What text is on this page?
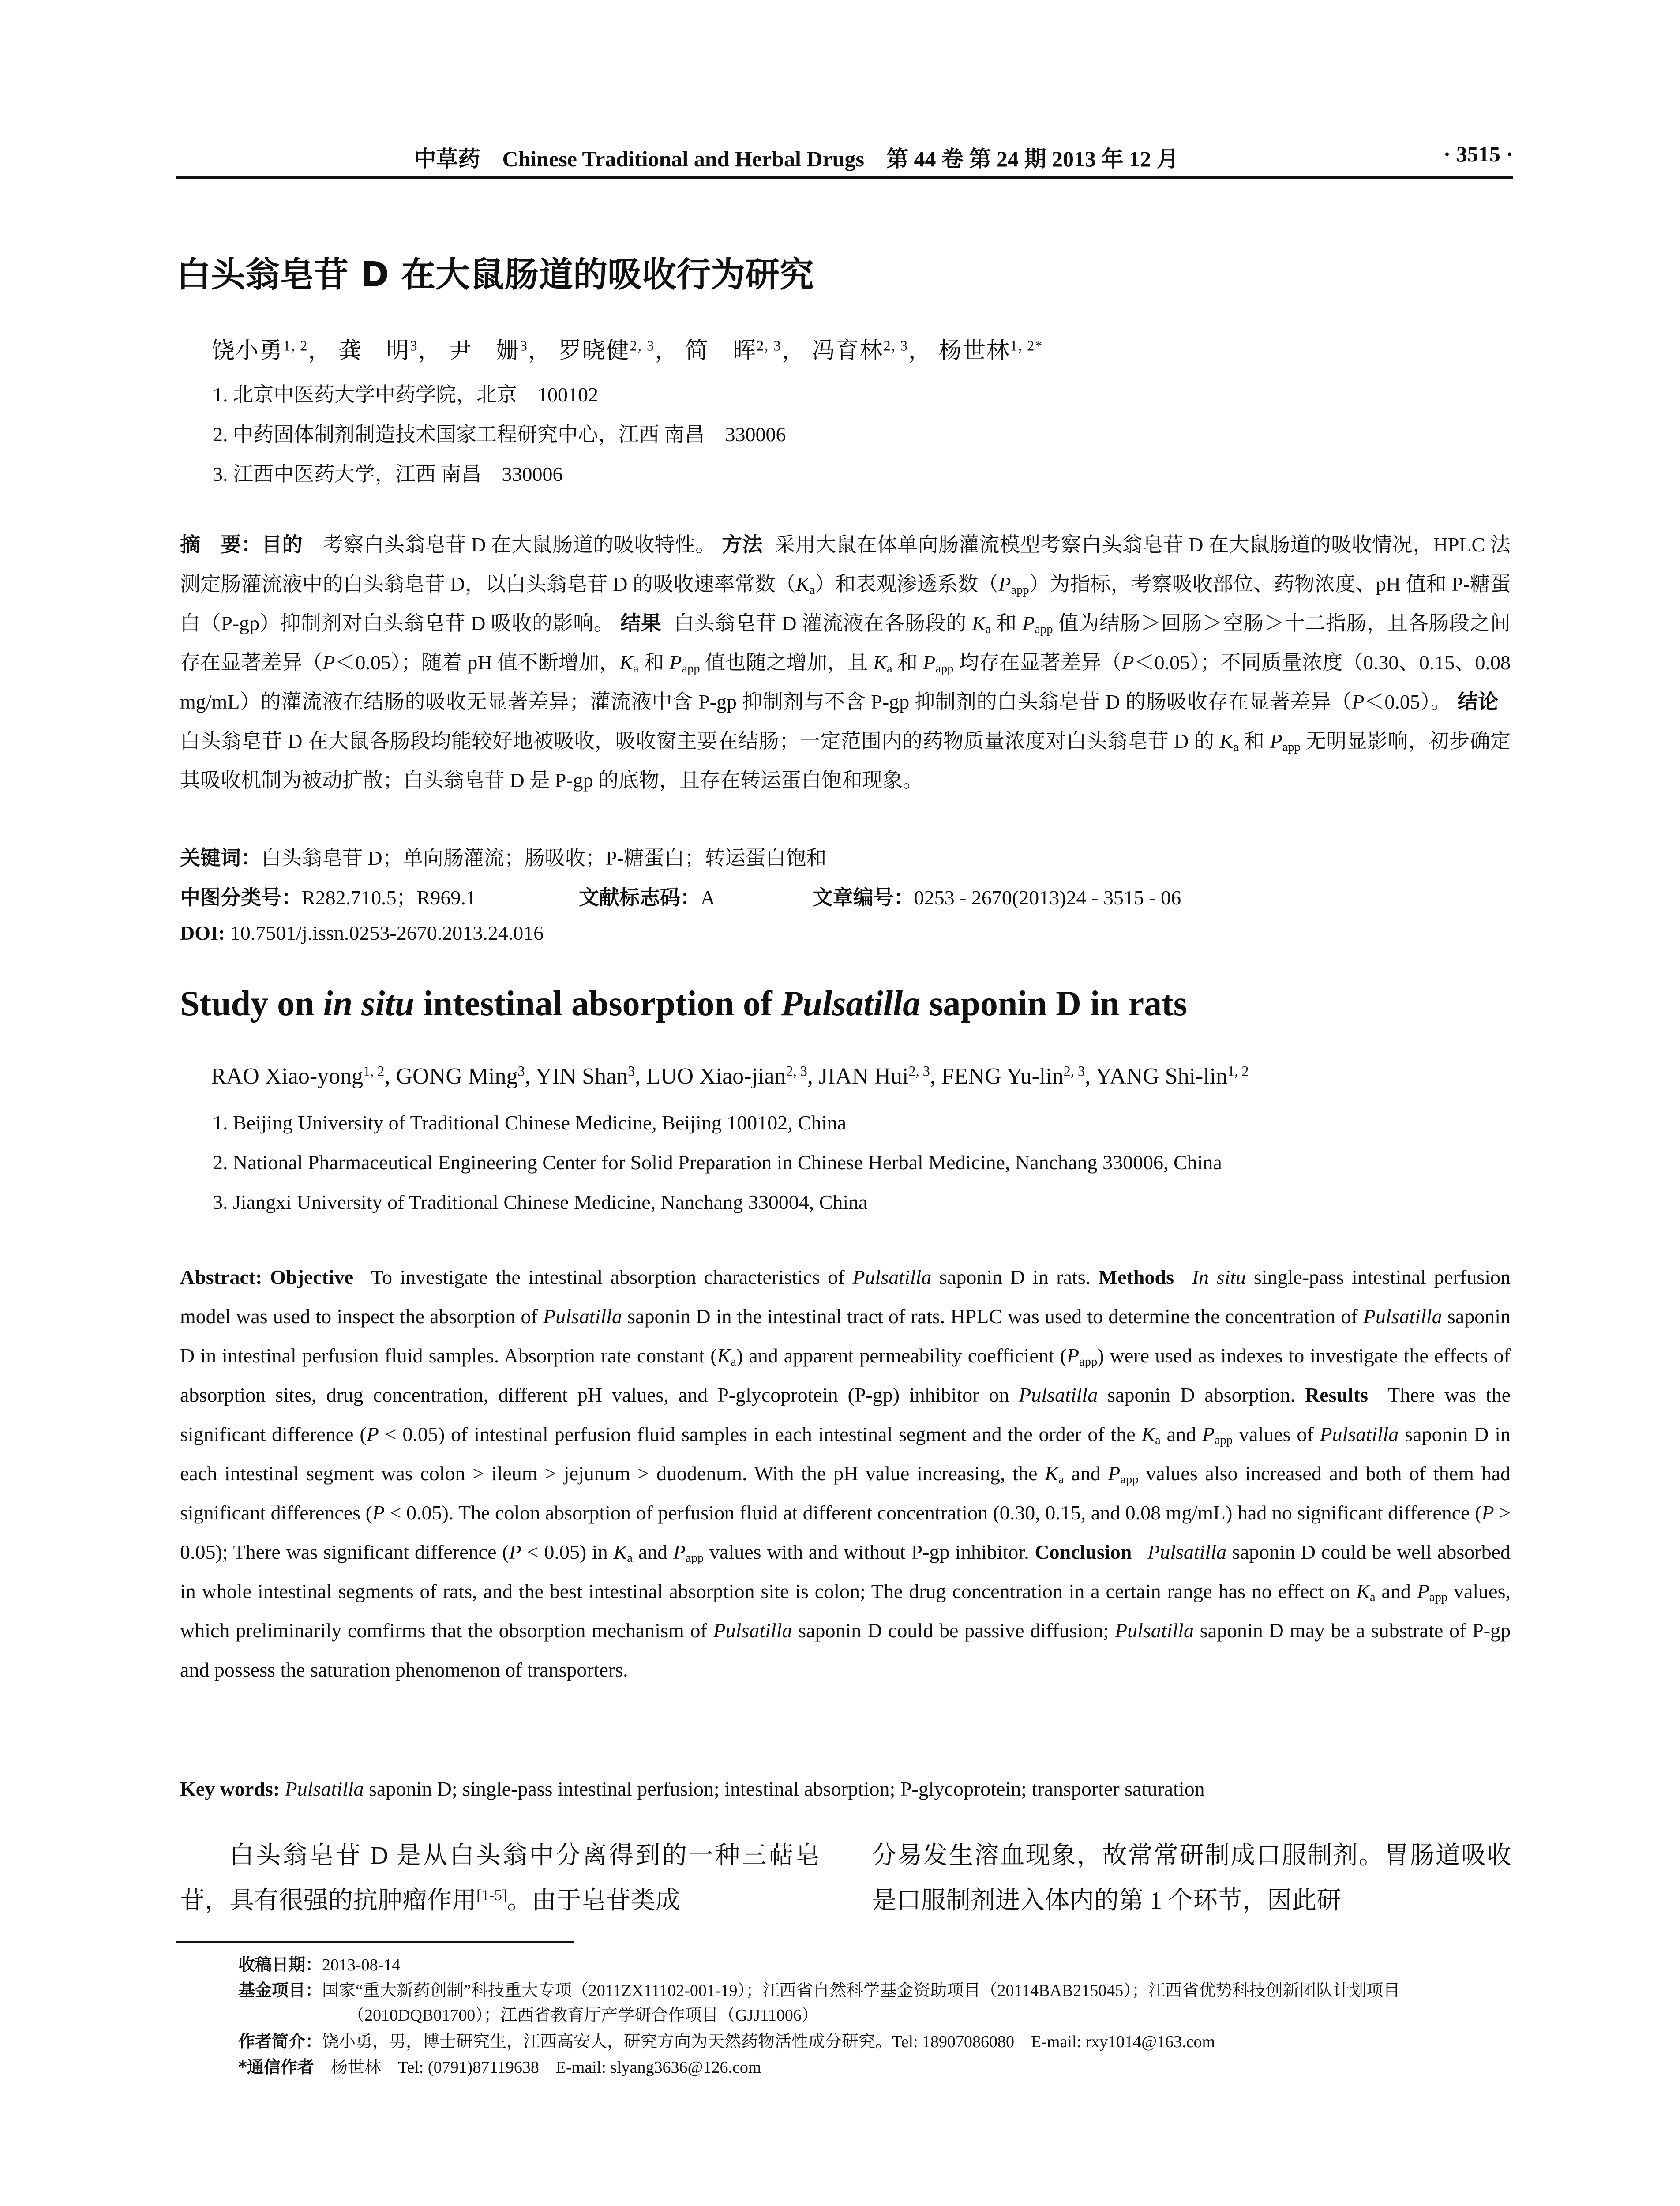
中草药　Chinese Traditional and Herbal Drugs　第 44 卷 第 24 期 2013 年 12 月	· 3515 ·
白头翁皂苷 D 在大鼠肠道的吸收行为研究
饶小勇$^{1, 2}$， 龚　明$^3$， 尹　姗$^3$， 罗晓健$^{2, 3}$， 简　晖$^{2, 3}$， 冯育林$^{2, 3}$， 杨世林$^{1, 2*}$
1. 北京中医药大学中药学院，北京　100102
2. 中药固体制剂制造技术国家工程研究中心，江西 南昌　330006
3. 江西中医药大学，江西 南昌　330006
摘　要：目的　 考察白头翁皂苷 D 在大鼠肠道的吸收特性。 方法 采用大鼠在体单向肠灌流模型考察白头翁皂苷 D 在大鼠肠道的吸收情况，HPLC 法测定肠灌流液中的白头翁皂苷 D，以白头翁皂苷 D 的吸收速率常数$(K_a)$和表观渗透系数$(P_{app})$为指标，考察吸收部位、药物浓度、pH 值和 P-糖蛋白（P-gp）抑制剂对白头翁皂苷 D 吸收的影响。 结果 白头翁皂苷 D 灌流液在各肠段的 $K_a$ 和 $P_{app}$ 值为结肠＞回肠＞空肠＞十二指肠，且各肠段之间存在显著差异（P＜0.05）；随着 pH 值不断增加，$K_a$ 和 $P_{app}$ 值也随之增加，且 $K_a$ 和 $P_{app}$ 均存在显著差异（P＜0.05）；不同质量浓度（0.30、0.15、0.08 mg/mL）的灌流液在结肠的吸收无显著差异；灌流液中含 P-gp 抑制剂与不含 P-gp 抑制剂的白头翁皂苷 D 的肠吸收存在显著差异（P＜0.05）。 结论白头翁皂苷 D 在大鼠各肠段均能较好地被吸收，吸收窗主要在结肠；一定范围内的药物质量浓度对白头翁皂苷 D 的 $K_a$ 和 $P_{app}$ 无明显影响，初步确定其吸收机制为被动扩散；白头翁皂苷 D 是 P-gp 的底物，且存在转运蛋白饱和现象。
关键词：白头翁皂苷 D；单向肠灌流；肠吸收；P-糖蛋白；转运蛋白饱和
中图分类号：R282.710.5；R969.1	文献标志码：A	文章编号：0253 - 2670(2013)24 - 3515 - 06
DOI: 10.7501/j.issn.0253-2670.2013.24.016
Study on in situ intestinal absorption of Pulsatilla saponin D in rats
RAO Xiao-yong$^{1, 2}$, GONG Ming$^3$, YIN Shan$^3$, LUO Xiao-jian$^{2, 3}$, JIAN Hui$^{2, 3}$, FENG Yu-lin$^{2, 3}$, YANG Shi-lin$^{1, 2}$
1. Beijing University of Traditional Chinese Medicine, Beijing 100102, China
2. National Pharmaceutical Engineering Center for Solid Preparation in Chinese Herbal Medicine, Nanchang 330006, China
3. Jiangxi University of Traditional Chinese Medicine, Nanchang 330004, China
Abstract: Objective To investigate the intestinal absorption characteristics of Pulsatilla saponin D in rats. Methods In situ single-pass intestinal perfusion model was used to inspect the absorption of Pulsatilla saponin D in the intestinal tract of rats. HPLC was used to determine the concentration of Pulsatilla saponin D in intestinal perfusion fluid samples. Absorption rate constant $(K_a)$ and apparent permeability coefficient $(P_{app})$ were used as indexes to investigate the effects of absorption sites, drug concentration, different pH values, and P-glycoprotein (P-gp) inhibitor on Pulsatilla saponin D absorption. Results There was the significant difference (P < 0.05) of intestinal perfusion fluid samples in each intestinal segment and the order of the $K_a$ and $P_{app}$ values of Pulsatilla saponin D in each intestinal segment was colon > ileum > jejunum > duodenum. With the pH value increasing, the $K_a$ and $P_{app}$ values also increased and both of them had significant differences (P < 0.05). The colon absorption of perfusion fluid at different concentration (0.30, 0.15, and 0.08 mg/mL) had no significant difference (P > 0.05); There was significant difference (P < 0.05) in $K_a$ and $P_{app}$ values with and without P-gp inhibitor. Conclusion Pulsatilla saponin D could be well absorbed in whole intestinal segments of rats, and the best intestinal absorption site is colon; The drug concentration in a certain range has no effect on $K_a$ and $P_{app}$ values, which preliminarily comfirms that the obsorption mechanism of Pulsatilla saponin D could be passive diffusion; Pulsatilla saponin D may be a substrate of P-gp and possess the saturation phenomenon of transporters.
Key words: Pulsatilla saponin D; single-pass intestinal perfusion; intestinal absorption; P-glycoprotein; transporter saturation
白头翁皂苷 D 是从白头翁中分离得到的一种三萜皂苷，具有很强的抗肿瘤作用[1-5]。由于皂苷类成
分易发生溶血现象，故常常研制成口服制剂。胃肠道吸收是口服制剂进入体内的第 1 个环节，因此研
收稿日期：2013-08-14
基金项目：国家“重大新药创制”科技重大专项（2011ZX11102-001-19）；江西省自然科学基金资助项目（20114BAB215045）；江西省优势科技创新团队计划项目（2010DQB01700）；江西省教育厅产学研合作项目（GJJ11006）
作者简介：饶小勇，男，博士研究生，江西高安人，研究方向为天然药物活性成分研究。Tel: 18907086080　E-mail: rxy1014@163.com
*通信作者　 杨世林　Tel: (0791)87119638　E-mail: slyang3636@126.com
